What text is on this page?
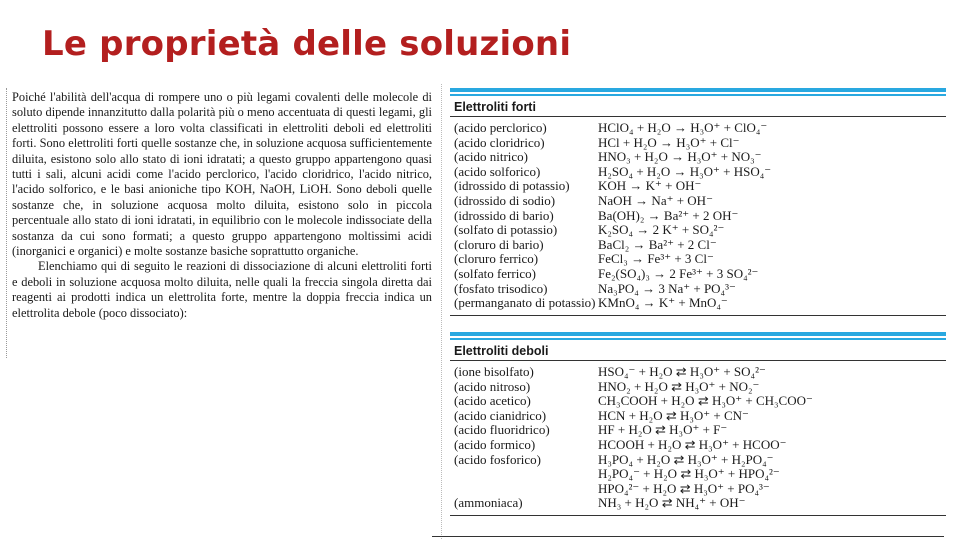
Le proprietà delle soluzioni

Poiché l'abilità dell'acqua di rompere uno o più legami covalenti delle molecole di soluto dipende innanzitutto dalla polarità più o meno accentuata di questi legami, gli elettroliti possono essere a loro volta classificati in elettroliti deboli ed elettroliti forti. Sono elettroliti forti quelle sostanze che, in soluzione acquosa sufficientemente diluita, esistono solo allo stato di ioni idratati; a questo gruppo appartengono quasi tutti i sali, alcuni acidi come l'acido perclorico, l'acido cloridrico, l'acido nitrico, l'acido solforico, e le basi anioniche tipo KOH, NaOH, LiOH. Sono deboli quelle sostanze che, in soluzione acquosa molto diluita, esistono solo in piccola percentuale allo stato di ioni idratati, in equilibrio con le molecole indissociate della sostanza da cui sono formati; a questo gruppo appartengono moltissimi acidi (inorganici e organici) e molte sostanze basiche soprattutto organiche.

Elenchiamo qui di seguito le reazioni di dissociazione di alcuni elettroliti forti e deboli in soluzione acquosa molto diluita, nelle quali la freccia singola diretta dai reagenti ai prodotti indica un elettrolita forte, mentre la doppia freccia indica un elettrolita debole (poco dissociato):

Elettroliti forti
(acido perclorico)	HClO₄ + H₂O → H₃O⁺ + ClO₄⁻
(acido cloridrico)	HCl + H₂O → H₃O⁺ + Cl⁻
(acido nitrico)	HNO₃ + H₂O → H₃O⁺ + NO₃⁻
(acido solforico)	H₂SO₄ + H₂O → H₃O⁺ + HSO₄⁻
(idrossido di potassio)	KOH → K⁺ + OH⁻
(idrossido di sodio)	NaOH → Na⁺ + OH⁻
(idrossido di bario)	Ba(OH)₂ → Ba²⁺ + 2 OH⁻
(solfato di potassio)	K₂SO₄ → 2 K⁺ + SO₄²⁻
(cloruro di bario)	BaCl₂ → Ba²⁺ + 2 Cl⁻
(cloruro ferrico)	FeCl₃ → Fe³⁺ + 3 Cl⁻
(solfato ferrico)	Fe₂(SO₄)₃ → 2 Fe³⁺ + 3 SO₄²⁻
(fosfato trisodico)	Na₃PO₄ → 3 Na⁺ + PO₄³⁻
(permanganato di potassio) KMnO₄ → K⁺ + MnO₄⁻
Elettroliti deboli
(ione bisolfato)	HSO₄⁻ + H₂O ⇄ H₃O⁺ + SO₄²⁻
(acido nitroso)	HNO₂ + H₂O ⇄ H₃O⁺ + NO₂⁻
(acido acetico)	CH₃COOH + H₂O ⇄ H₃O⁺ + CH₃COO⁻
(acido cianidrico)	HCN + H₂O ⇄ H₃O⁺ + CN⁻
(acido fluoridrico)	HF + H₂O ⇄ H₃O⁺ + F⁻
(acido formico)	HCOOH + H₂O ⇄ H₃O⁺ + HCOO⁻
(acido fosforico)	H₃PO₄ + H₂O ⇄ H₃O⁺ + H₂PO₄⁻
H₂PO₄⁻ + H₂O ⇄ H₃O⁺ + HPO₄²⁻
HPO₄²⁻ + H₂O ⇄ H₃O⁺ + PO₄³⁻
(ammoniaca)	NH₃ + H₂O ⇄ NH₄⁺ + OH⁻
